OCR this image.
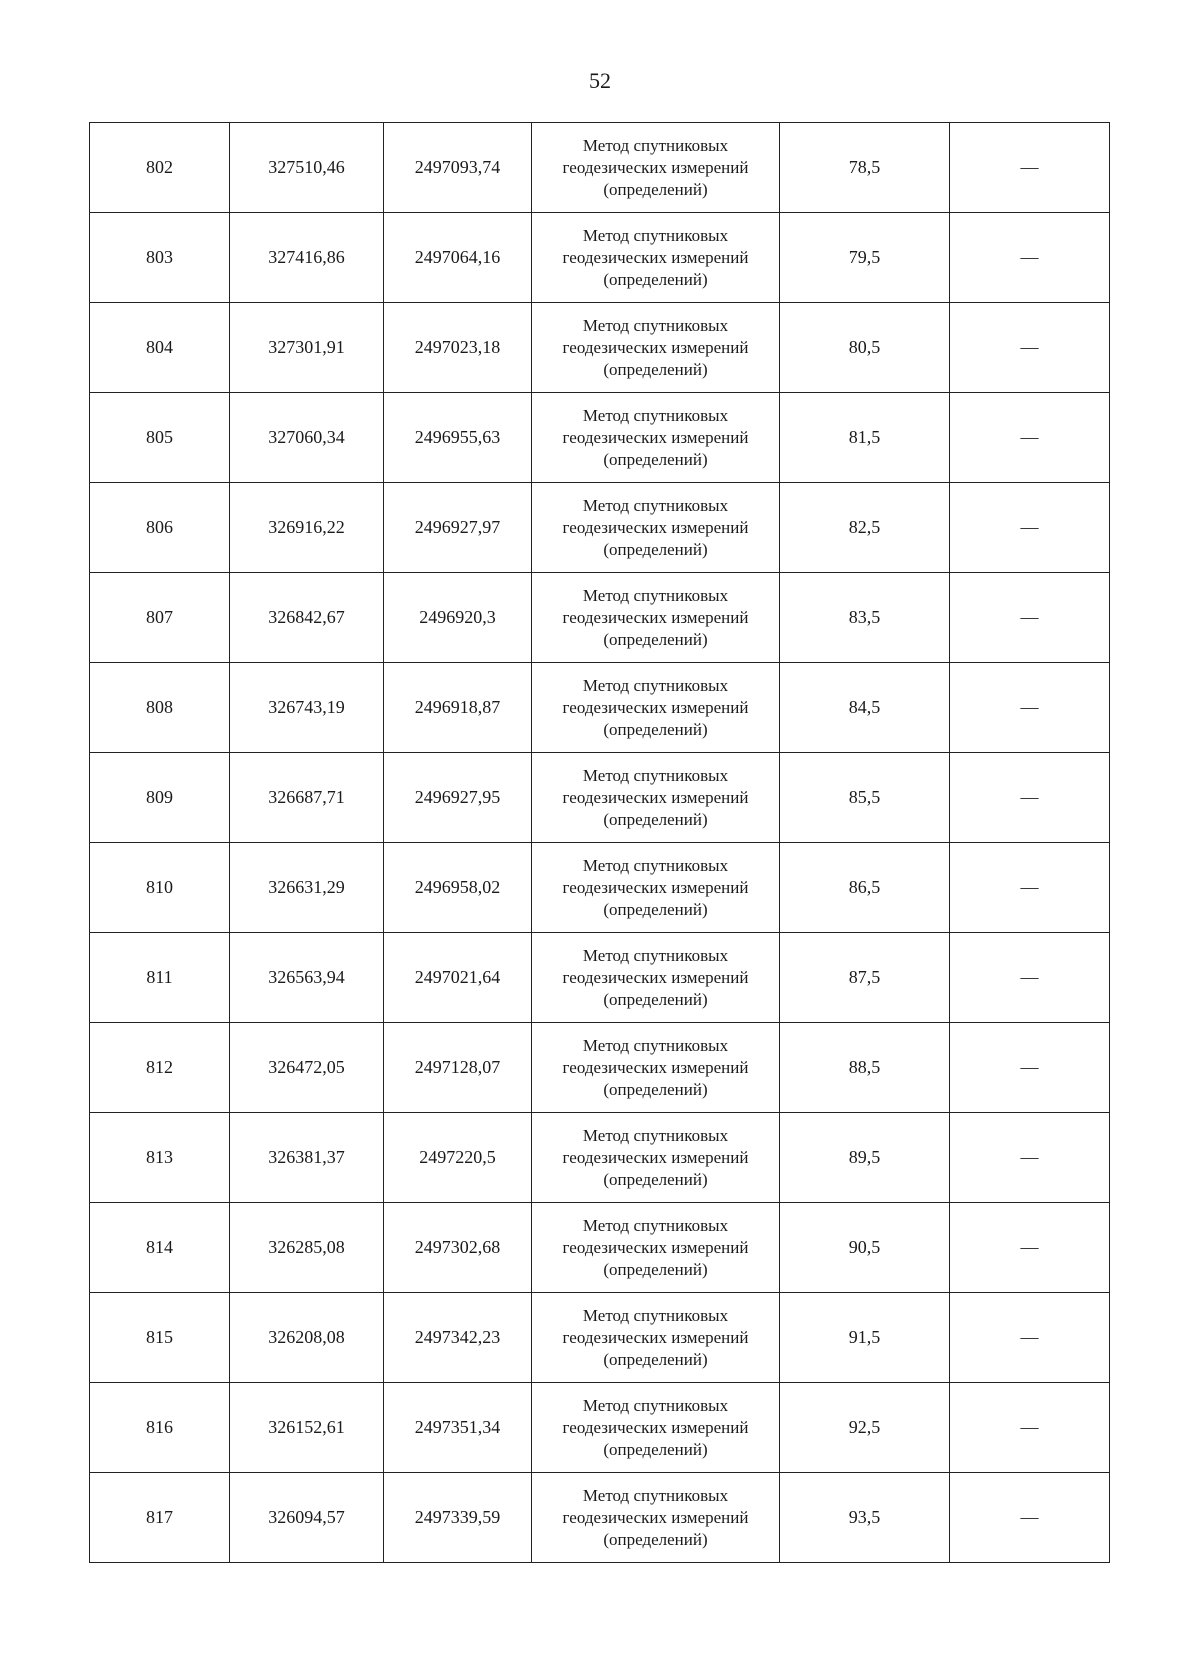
52
802	327510,46	2497093,74	Метод спутниковых
геодезических измерений
(определений)	78,5	—
803	327416,86	2497064,16	Метод спутниковых
геодезических измерений
(определений)	79,5	—
804	327301,91	2497023,18	Метод спутниковых
геодезических измерений
(определений)	80,5	—
805	327060,34	2496955,63	Метод спутниковых
геодезических измерений
(определений)	81,5	—
806	326916,22	2496927,97	Метод спутниковых
геодезических измерений
(определений)	82,5	—
807	326842,67	2496920,3	Метод спутниковых
геодезических измерений
(определений)	83,5	—
808	326743,19	2496918,87	Метод спутниковых
геодезических измерений
(определений)	84,5	—
809	326687,71	2496927,95	Метод спутниковых
геодезических измерений
(определений)	85,5	—
810	326631,29	2496958,02	Метод спутниковых
геодезических измерений
(определений)	86,5	—
811	326563,94	2497021,64	Метод спутниковых
геодезических измерений
(определений)	87,5	—
812	326472,05	2497128,07	Метод спутниковых
геодезических измерений
(определений)	88,5	—
813	326381,37	2497220,5	Метод спутниковых
геодезических измерений
(определений)	89,5	—
814	326285,08	2497302,68	Метод спутниковых
геодезических измерений
(определений)	90,5	—
815	326208,08	2497342,23	Метод спутниковых
геодезических измерений
(определений)	91,5	—
816	326152,61	2497351,34	Метод спутниковых
геодезических измерений
(определений)	92,5	—
817	326094,57	2497339,59	Метод спутниковых
геодезических измерений
(определений)	93,5	—
